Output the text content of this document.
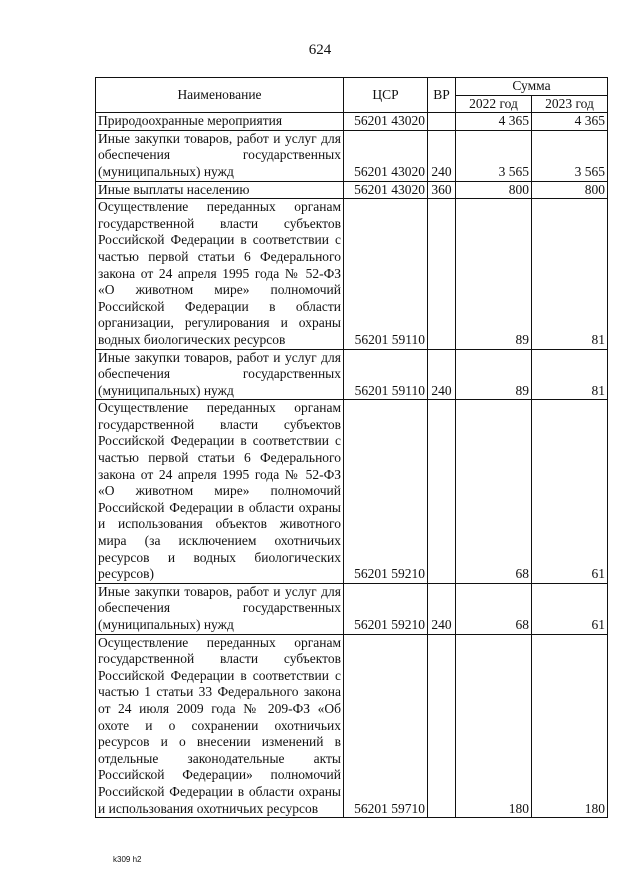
624
Наименование	ЦСР	ВР	Сумма	
			2022 год	2023 год
Природоохранные мероприятия	56201 43020		4 365	4 365
Иные закупки товаров, работ и услуг для обеспечения государственных (муниципальных) нужд	56201 43020	240	3 565	3 565
Иные выплаты населению	56201 43020	360	800	800
Осуществление переданных органам государственной власти субъектов Российской Федерации в соответствии с частью первой статьи 6 Федерального закона от 24 апреля 1995 года № 52-ФЗ «О животном мире» полномочий Российской Федерации в области организации, регулирования и охраны водных биологических ресурсов	56201 59110		89	81
Иные закупки товаров, работ и услуг для обеспечения государственных (муниципальных) нужд	56201 59110	240	89	81
Осуществление переданных органам государственной власти субъектов Российской Федерации в соответствии с частью первой статьи 6 Федерального закона от 24 апреля 1995 года № 52-ФЗ «О животном мире» полномочий Российской Федерации в области охраны и использования объектов животного мира (за исключением охотничьих ресурсов и водных биологических ресурсов)	56201 59210		68	61
Иные закупки товаров, работ и услуг для обеспечения государственных (муниципальных) нужд	56201 59210	240	68	61
Осуществление переданных органам государственной власти субъектов Российской Федерации в соответствии с частью 1 статьи 33 Федерального закона от 24 июля 2009 года № 209-ФЗ «Об охоте и о сохранении охотничьих ресурсов и о внесении изменений в отдельные законодательные акты Российской Федерации» полномочий Российской Федерации в области охраны и использования охотничьих ресурсов	56201 59710		180	180
k309 h2
